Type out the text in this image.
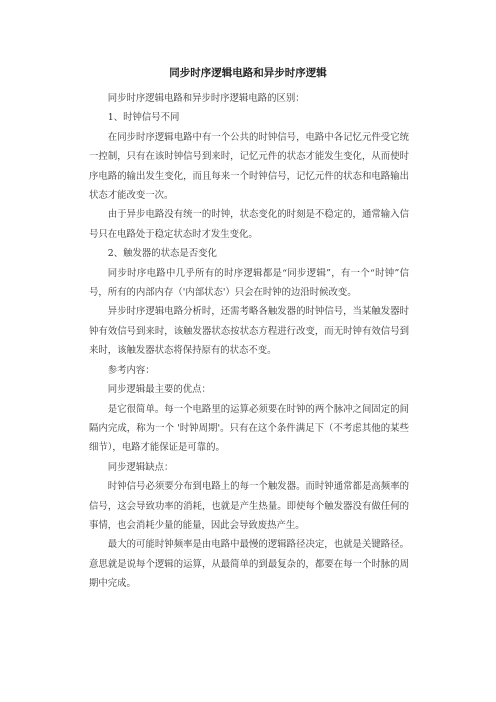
同步时序逻辑电路和异步时序逻辑

同步时序逻辑电路和异步时序逻辑电路的区别：

1、时钟信号不同

在同步时序逻辑电路中有一个公共的时钟信号，电路中各记忆元件受它统一控制，只有在该时钟信号到来时，记忆元件的状态才能发生变化，从而使时序电路的输出发生变化，而且每来一个时钟信号，记忆元件的状态和电路输出状态才能改变一次。

由于异步电路没有统一的时钟，状态变化的时刻是不稳定的，通常输入信号只在电路处于稳定状态时才发生变化。

2、触发器的状态是否变化

同步时序电路中几乎所有的时序逻辑都是“同步逻辑”，有一个“时钟”信号，所有的内部内存（'内部状态'）只会在时钟的边沿时候改变。

异步时序逻辑电路分析时，还需考略各触发器的时钟信号，当某触发器时钟有效信号到来时，该触发器状态按状态方程进行改变，而无时钟有效信号到来时，该触发器状态将保持原有的状态不变。

参考内容：

同步逻辑最主要的优点：

是它很简单。每一个电路里的运算必须要在时钟的两个脉冲之间固定的间隔内完成，称为一个 '时钟周期'。只有在这个条件满足下（不考虑其他的某些细节），电路才能保证是可靠的。

同步逻辑缺点：

时钟信号必须要分布到电路上的每一个触发器。而时钟通常都是高频率的信号，这会导致功率的消耗，也就是产生热量。即使每个触发器没有做任何的事情，也会消耗少量的能量，因此会导致废热产生。

最大的可能时钟频率是由电路中最慢的逻辑路径决定，也就是关键路径。意思就是说每个逻辑的运算，从最简单的到最复杂的，都要在每一个时脉的周期中完成。
